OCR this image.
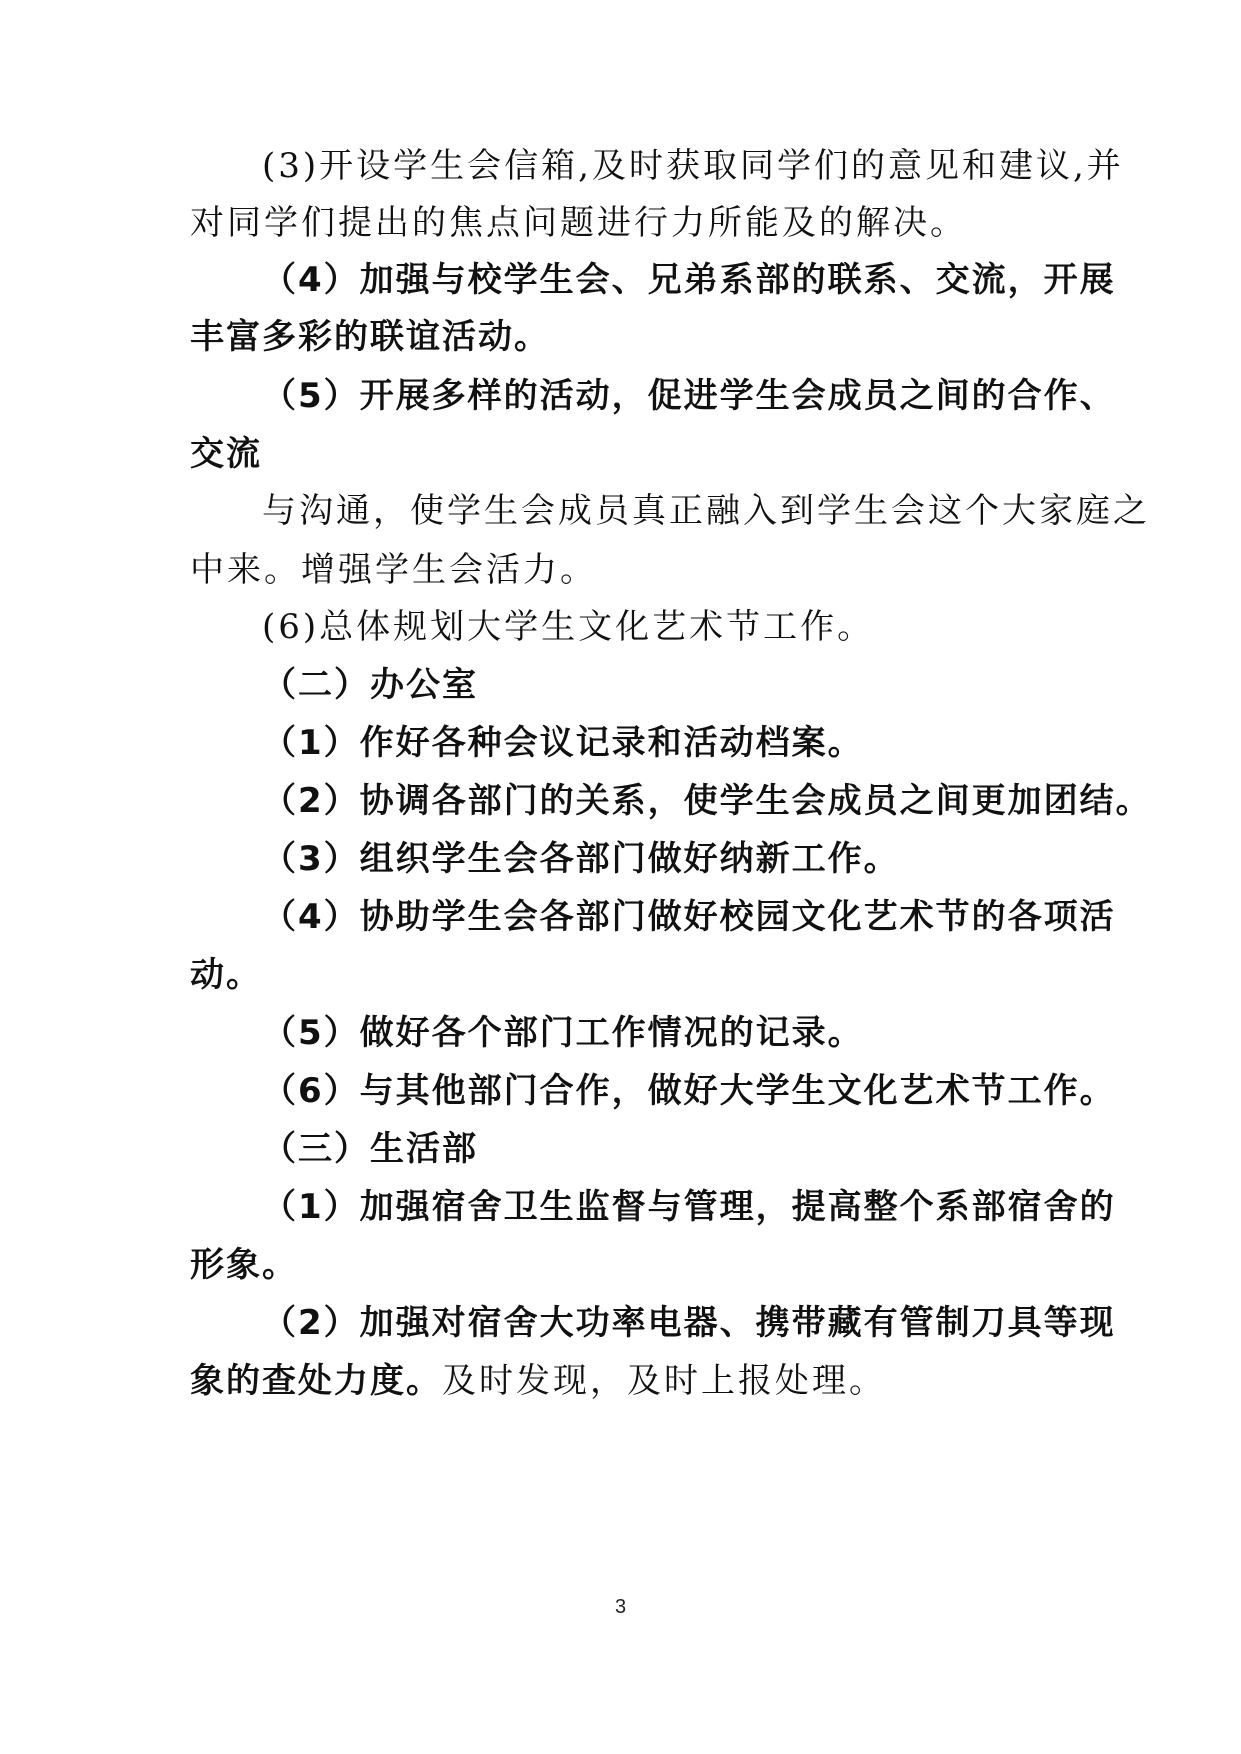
(3)开设学生会信箱,及时获取同学们的意见和建议,并
对同学们提出的焦点问题进行力所能及的解决。
（4）加强与校学生会、兄弟系部的联系、交流，开展
丰富多彩的联谊活动。
（5）开展多样的活动，促进学生会成员之间的合作、
交流
与沟通，使学生会成员真正融入到学生会这个大家庭之
中来。增强学生会活力。
(6)总体规划大学生文化艺术节工作。
（二）办公室
（1）作好各种会议记录和活动档案。
（2）协调各部门的关系，使学生会成员之间更加团结。
（3）组织学生会各部门做好纳新工作。
（4）协助学生会各部门做好校园文化艺术节的各项活
动。
（5）做好各个部门工作情况的记录。
（6）与其他部门合作，做好大学生文化艺术节工作。
（三）生活部
（1）加强宿舍卫生监督与管理，提高整个系部宿舍的
形象。
（2）加强对宿舍大功率电器、携带藏有管制刀具等现
象的查处力度。及时发现，及时上报处理。
3
